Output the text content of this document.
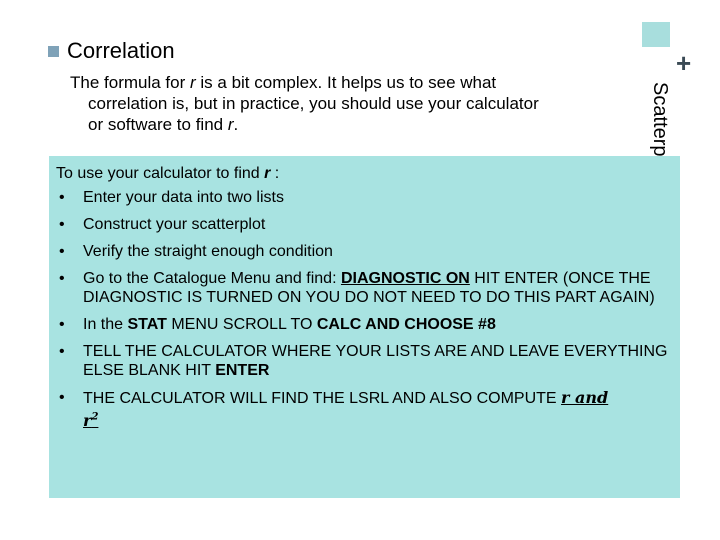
Correlation	+
Scatterp
The formula for r is a bit complex. It helps us to see what
correlation is, but in practice, you should use your calculator
or software to find r.
To use your calculator to find r :
• Enter your data into two lists
• Construct your scatterplot
• Verify the straight enough condition
• Go to the Catalogue Menu and find: DIAGNOSTIC ON HIT ENTER (ONCE THE DIAGNOSTIC IS TURNED ON YOU DO NOT NEED TO DO THIS PART AGAIN)
• In the STAT MENU SCROLL TO CALC AND CHOOSE #8
• TELL THE CALCULATOR WHERE YOUR LISTS ARE AND LEAVE EVERYTHING ELSE BLANK HIT ENTER
• THE CALCULATOR WILL FIND THE LSRL AND ALSO COMPUTE r and
$r^2$
